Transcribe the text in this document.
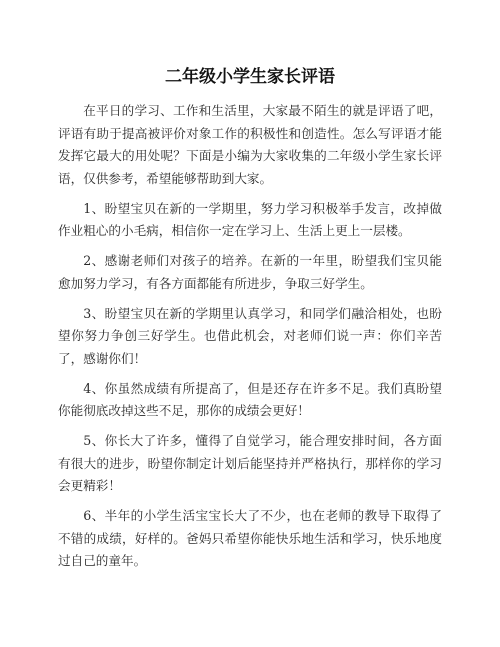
二年级小学生家长评语

在平日的学习、工作和生活里，大家最不陌生的就是评语了吧，评语有助于提高被评价对象工作的积极性和创造性。怎么写评语才能发挥它最大的用处呢？下面是小编为大家收集的二年级小学生家长评语，仅供参考，希望能够帮助到大家。

1、盼望宝贝在新的一学期里，努力学习积极举手发言，改掉做作业粗心的小毛病，相信你一定在学习上、生活上更上一层楼。

2、感谢老师们对孩子的培养。在新的一年里，盼望我们宝贝能愈加努力学习，有各方面都能有所进步，争取三好学生。

3、盼望宝贝在新的学期里认真学习，和同学们融洽相处，也盼望你努力争创三好学生。也借此机会，对老师们说一声：你们辛苦了，感谢你们！

4、你虽然成绩有所提高了，但是还存在许多不足。我们真盼望你能彻底改掉这些不足，那你的成绩会更好！

5、你长大了许多，懂得了自觉学习，能合理安排时间，各方面有很大的进步，盼望你制定计划后能坚持并严格执行，那样你的学习会更精彩！

6、半年的小学生活宝宝长大了不少，也在老师的教导下取得了不错的成绩，好样的。爸妈只希望你能快乐地生活和学习，快乐地度过自己的童年。
